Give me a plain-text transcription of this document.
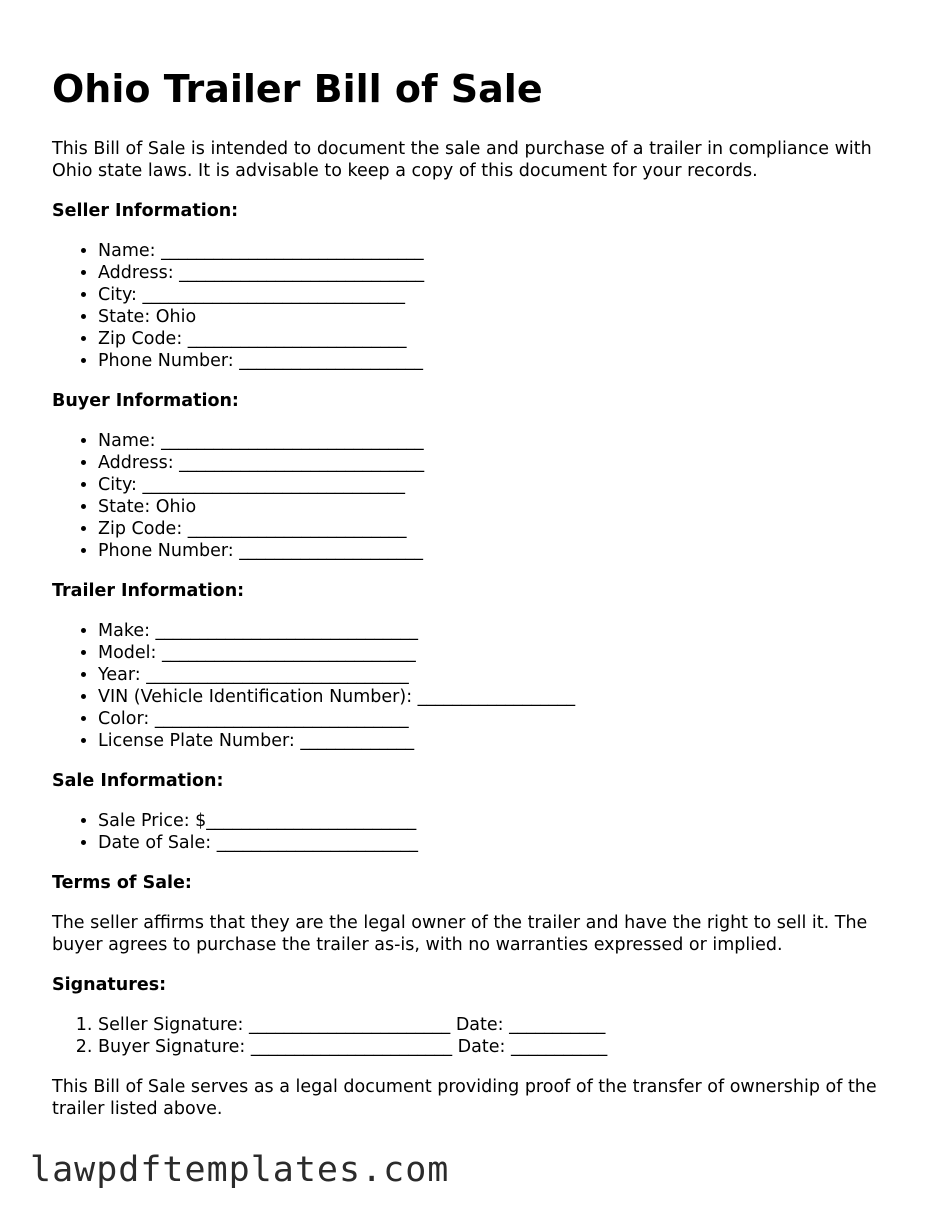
Ohio Trailer Bill of Sale

This Bill of Sale is intended to document the sale and purchase of a trailer in compliance with Ohio state laws. It is advisable to keep a copy of this document for your records.

Seller Information:
• Name: ______________________________
• Address: ____________________________
• City: ______________________________
• State: Ohio
• Zip Code: _________________________
• Phone Number: _____________________
Buyer Information:
• Name: ______________________________
• Address: ____________________________
• City: ______________________________
• State: Ohio
• Zip Code: _________________________
• Phone Number: _____________________
Trailer Information:
• Make: ______________________________
• Model: _____________________________
• Year: ______________________________
• VIN (Vehicle Identification Number): __________________
• Color: _____________________________
• License Plate Number: _____________
Sale Information:
• Sale Price: $________________________
• Date of Sale: _______________________
Terms of Sale:

The seller affirms that they are the legal owner of the trailer and have the right to sell it. The buyer agrees to purchase the trailer as-is, with no warranties expressed or implied.

Signatures:
1. Seller Signature: _______________________ Date: ___________
2. Buyer Signature: _______________________ Date: ___________

This Bill of Sale serves as a legal document providing proof of the transfer of ownership of the trailer listed above.

lawpdftemplates.com
